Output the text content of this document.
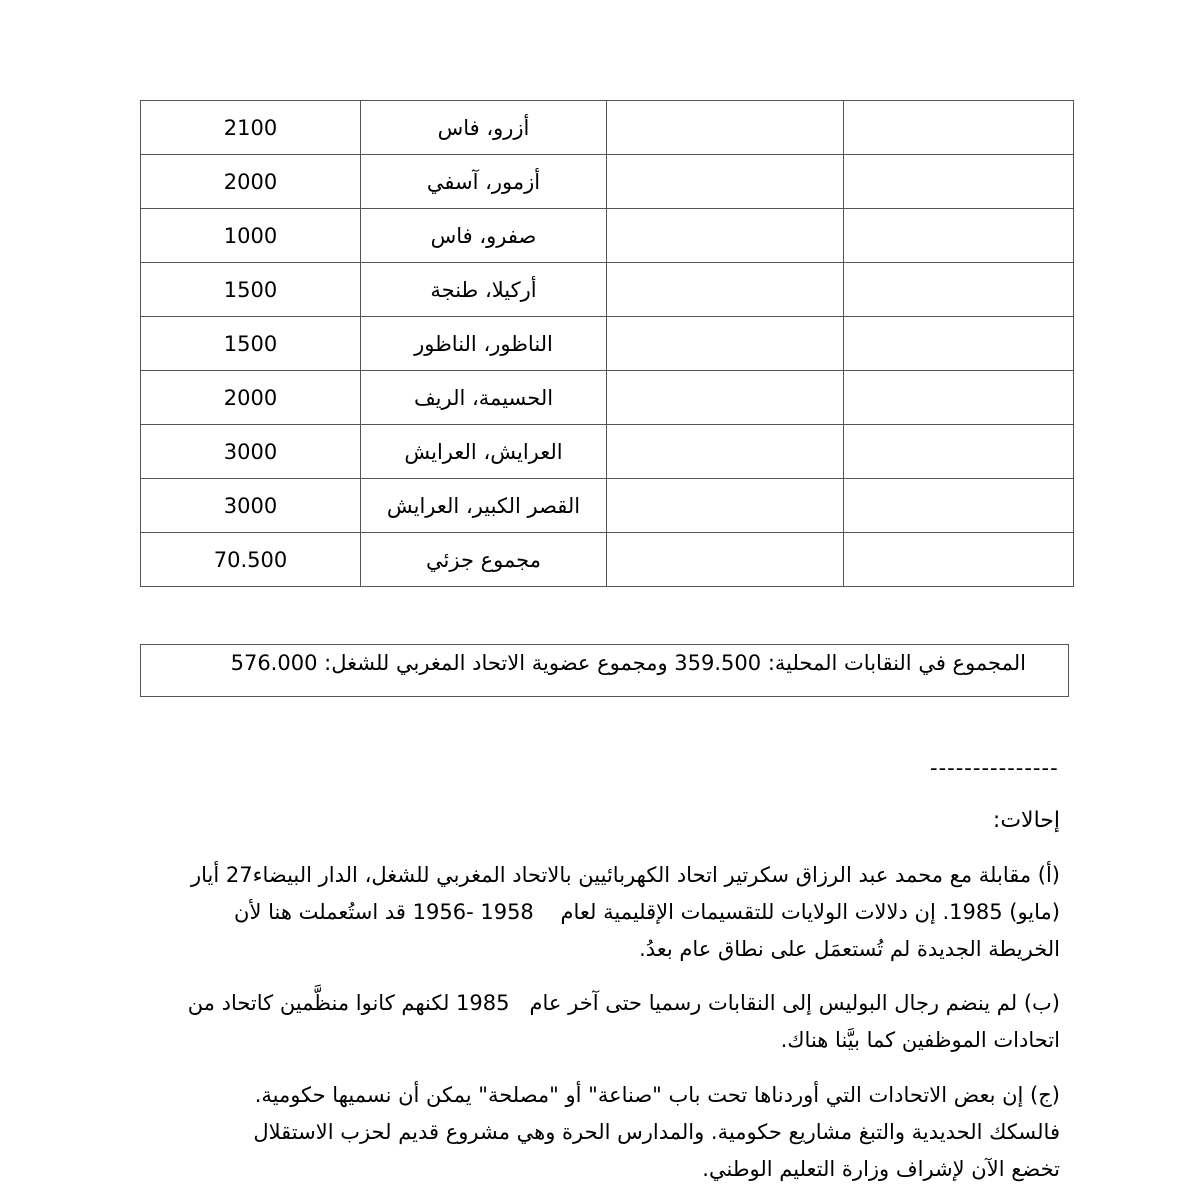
2100	أزرو، فاس		
2000	أزمور، آسفي		
1000	صفرو، فاس		
1500	أركيلا، طنجة		
1500	الناظور، الناظور		
2000	الحسيمة، الريف		
3000	العرايش، العرايش		
3000	القصر الكبير، العرايش		
70.500	مجموع جزئي		
المجموع في النقابات المحلية: 359.500 ومجموع عضوية الاتحاد المغربي للشغل: 576.000
---------------
إحالات:
(أ) مقابلة مع محمد عبد الرزاق سكرتير اتحاد الكهربائيين بالاتحاد المغربي للشغل، الدار البيضاء27 أيار
(مايو) 1985. إن دلالات الولايات للتقسيمات الإقليمية لعام    1956- 1958 قد استُعملت هنا لأن
الخريطة الجديدة لم تُستعمَل على نطاق عام بعدُ.
(ب) لم ينضم رجال البوليس إلى النقابات رسميا حتى آخر عام   1985 لكنهم كانوا منظَّمين كاتحاد من
اتحادات الموظفين كما بيَّنا هناك.
(ج) إن بعض الاتحادات التي أوردناها تحت باب "صناعة" أو "مصلحة" يمكن أن نسميها حكومية.
فالسكك الحديدية والتبغ مشاريع حكومية. والمدارس الحرة وهي مشروع قديم لحزب الاستقلال
تخضع الآن لإشراف وزارة التعليم الوطني.
